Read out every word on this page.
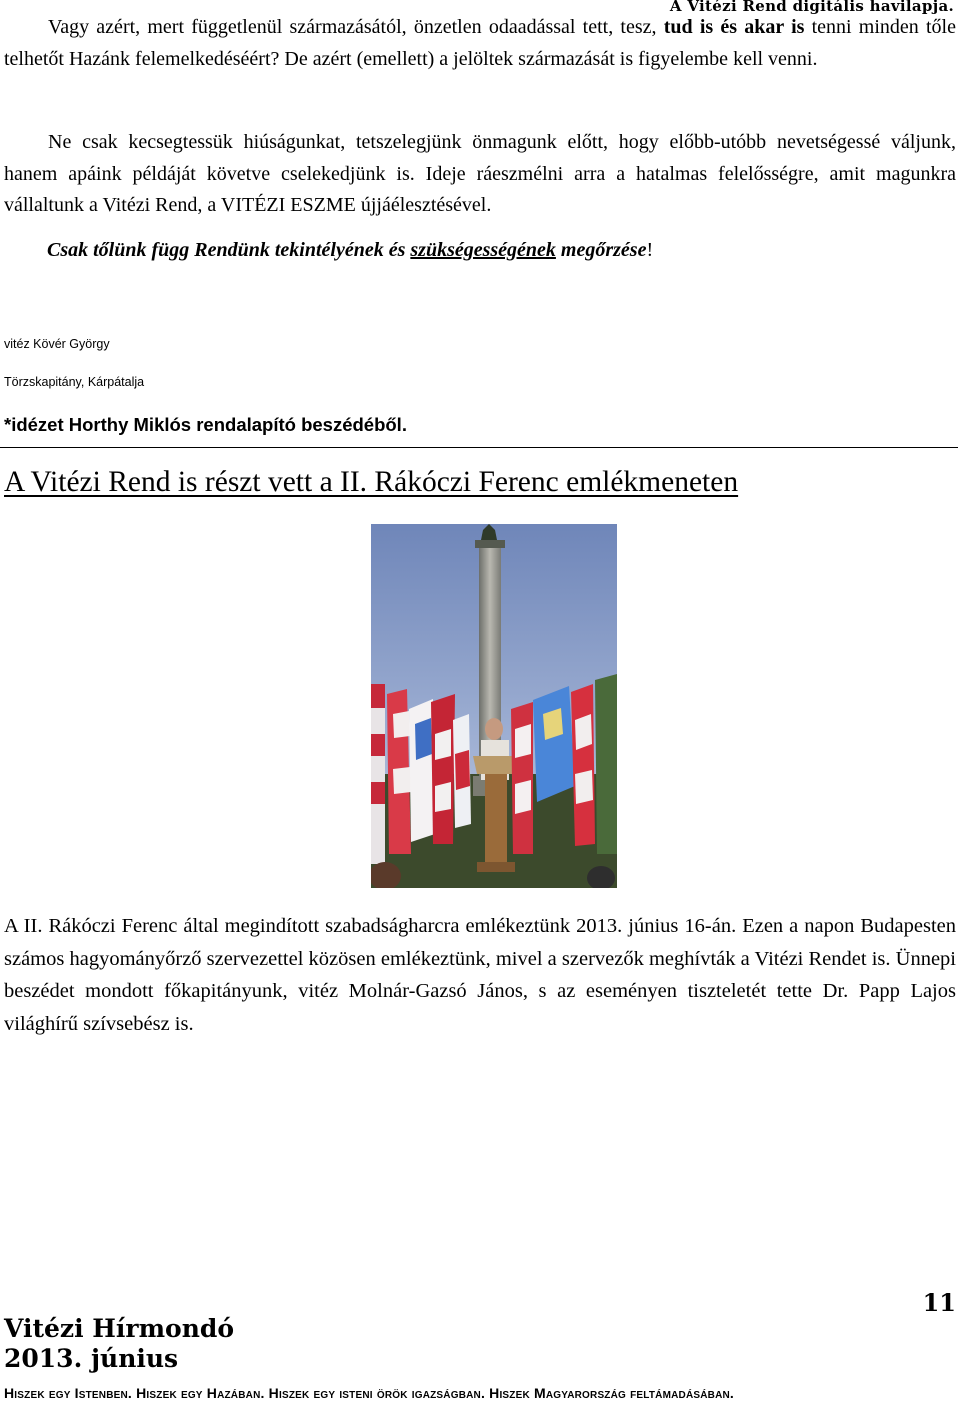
A Vitézi Rend digitális havilapja.

Vagy azért, mert függetlenül származásától, önzetlen odaadással tett, tesz, tud is és akar is tenni minden tőle telhetőt Hazánk felemelkedéséért? De azért (emellett) a jelöltek származását is figyelembe kell venni.

Ne csak kecsegtessük hiúságunkat, tetszelegjünk önmagunk előtt, hogy előbb-utóbb nevetségessé váljunk, hanem apáink példáját követve cselekedjünk is. Ideje ráeszmélni arra a hatalmas felelősségre, amit magunkra vállaltunk a Vitézi Rend, a VITÉZI ESZME újjáélesztésével.

Csak tőlünk függ Rendünk tekintélyének és szükségességének megőrzése!

vitéz Kövér György
Törzskapitány, Kárpátalja
*idézet Horthy Miklós rendalapító beszédéből.
A Vitézi Rend is részt vett a II. Rákóczi Ferenc emlékmeneten

A II. Rákóczi Ferenc által megindított szabadságharcra emlékeztünk 2013. június 16-án. Ezen a napon Budapesten számos hagyományőrző szervezettel közösen emlékeztünk, mivel a szervezők meghívták a Vitézi Rendet is. Ünnepi beszédet mondott főkapitányunk, vitéz Molnár-Gazsó János, s az eseményen tiszteletét tette Dr. Papp Lajos világhírű szívsebész is.

Vitézi Hírmondó
2013. június
11
Hiszek egy Istenben. Hiszek egy Hazában. Hiszek egy isteni örök igazságban. Hiszek Magyarország feltámadásában.
